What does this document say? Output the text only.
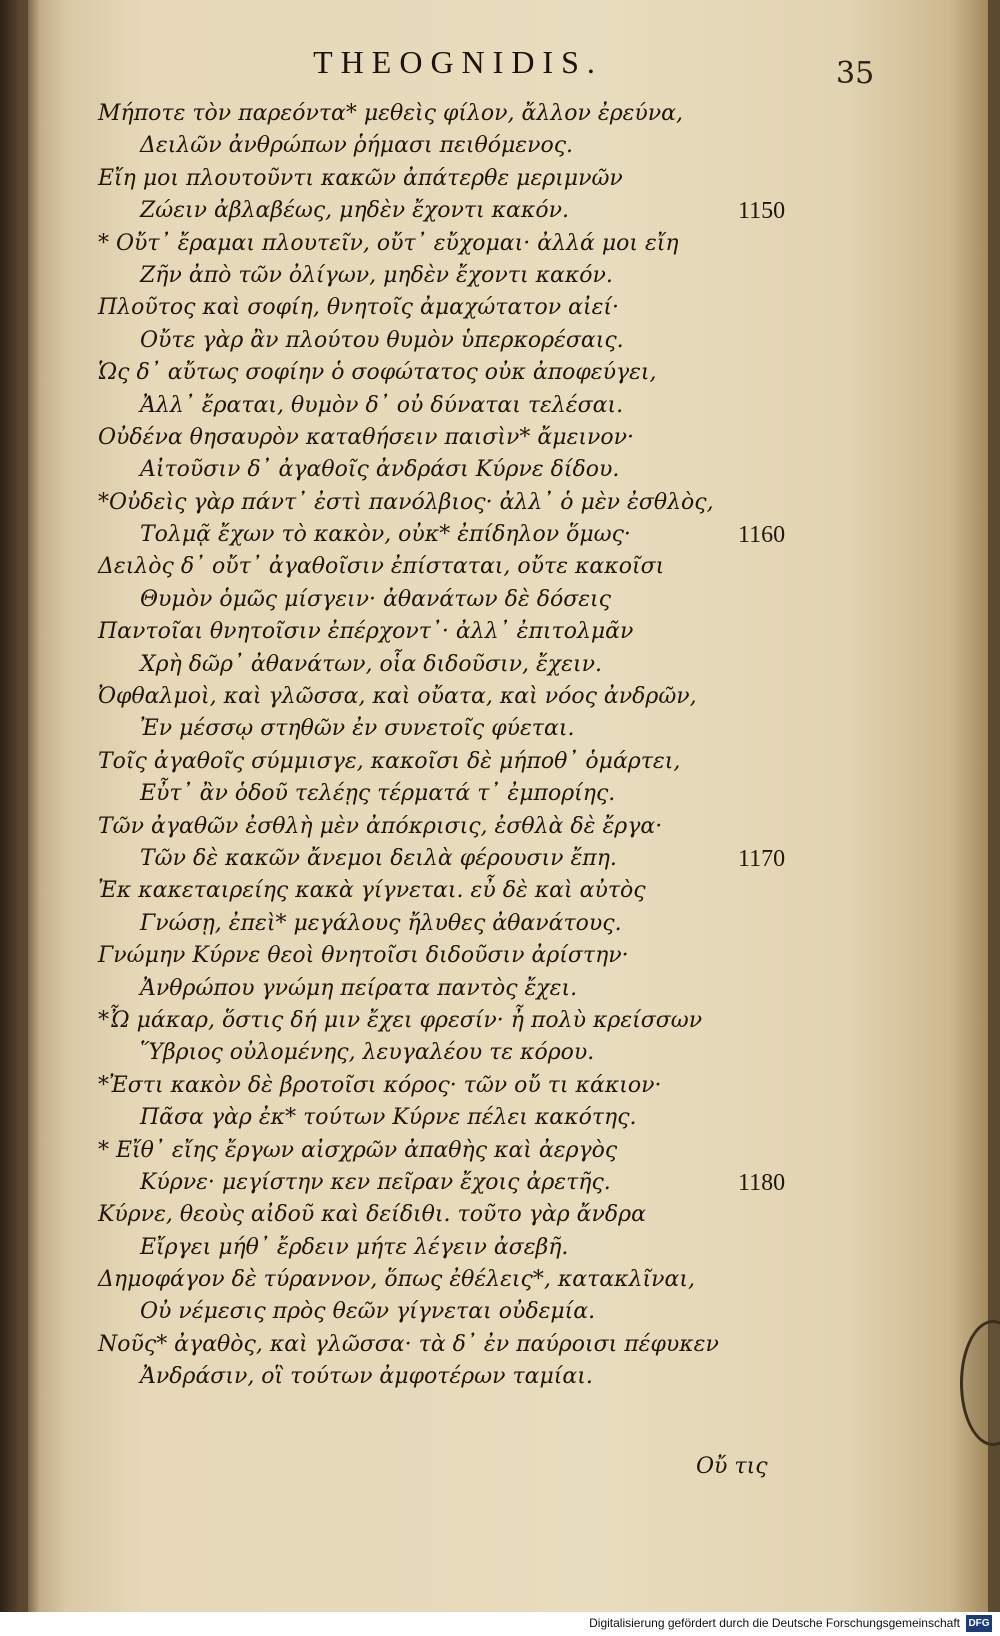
THEOGNIDIS.	35
Μήποτε τὸν παρεόντα* μεθεὶς φίλον, ἄλλον ἐρεύνα,
Δειλῶν ἀνθρώπων ῥήμασι πειθόμενος.
Εἴη μοι πλουτοῦντι κακῶν ἀπάτερθε μεριμνῶν
Ζώειν ἀβλαβέως, μηδὲν ἔχοντι κακόν.	1150
* Οὔτ᾽ ἔραμαι πλουτεῖν, οὔτ᾽ εὔχομαι· ἀλλά μοι εἴη
Ζῆν ἀπὸ τῶν ὀλίγων, μηδὲν ἔχοντι κακόν.
Πλοῦτος καὶ σοφίη, θνητοῖς ἀμαχώτατον αἰεί·
Οὔτε γὰρ ἂν πλούτου θυμὸν ὑπερκορέσαις.
Ὡς δ᾽ αὔτως σοφίην ὁ σοφώτατος οὐκ ἀποφεύγει,
Ἀλλ᾽ ἔραται, θυμὸν δ᾽ οὐ δύναται τελέσαι.
Οὐδένα θησαυρὸν καταθήσειν παισὶν* ἄμεινον·
Αἰτοῦσιν δ᾽ ἀγαθοῖς ἀνδράσι Κύρνε δίδου.
*Οὐδεὶς γὰρ πάντ᾽ ἐστὶ πανόλβιος· ἀλλ᾽ ὁ μὲν ἐσθλὸς,
Τολμᾷ ἔχων τὸ κακὸν, οὐκ* ἐπίδηλον ὅμως·	1160
Δειλὸς δ᾽ οὔτ᾽ ἀγαθοῖσιν ἐπίσταται, οὔτε κακοῖσι
Θυμὸν ὁμῶς μίσγειν· ἀθανάτων δὲ δόσεις
Παντοῖαι θνητοῖσιν ἐπέρχοντ᾽· ἀλλ᾽ ἐπιτολμᾶν
Χρὴ δῶρ᾽ ἀθανάτων, οἷα διδοῦσιν, ἔχειν.
Ὀφθαλμοὶ, καὶ γλῶσσα, καὶ οὔατα, καὶ νόος ἀνδρῶν,
Ἐν μέσσῳ στηθῶν ἐν συνετοῖς φύεται.
Τοῖς ἀγαθοῖς σύμμισγε, κακοῖσι δὲ μήποθ᾽ ὁμάρτει,
Εὖτ᾽ ἂν ὁδοῦ τελέῃς τέρματά τ᾽ ἐμπορίης.
Τῶν ἀγαθῶν ἐσθλὴ μὲν ἀπόκρισις, ἐσθλὰ δὲ ἔργα·
Τῶν δὲ κακῶν ἄνεμοι δειλὰ φέρουσιν ἔπη.	1170
Ἐκ κακεταιρείης κακὰ γίγνεται. εὖ δὲ καὶ αὐτὸς
Γνώσῃ, ἐπεὶ* μεγάλους ἤλυθες ἀθανάτους.
Γνώμην Κύρνε θεοὶ θνητοῖσι διδοῦσιν ἀρίστην·
Ἀνθρώπου γνώμη πείρατα παντὸς ἔχει.
*Ὦ μάκαρ, ὅστις δή μιν ἔχει φρεσίν· ἦ πολὺ κρείσσων
Ὕβριος οὐλομένης, λευγαλέου τε κόρου.
*Ἐστι κακὸν δὲ βροτοῖσι κόρος· τῶν οὔ τι κάκιον·
Πᾶσα γὰρ ἐκ* τούτων Κύρνε πέλει κακότης.
* Εἴθ᾽ εἴης ἔργων αἰσχρῶν ἀπαθὴς καὶ ἀεργὸς
Κύρνε· μεγίστην κεν πεῖραν ἔχοις ἀρετῆς.	1180
Κύρνε, θεοὺς αἰδοῦ καὶ δείδιθι. τοῦτο γὰρ ἄνδρα
Εἴργει μήθ᾽ ἔρδειν μήτε λέγειν ἀσεβῆ.
Δημοφάγον δὲ τύραννον, ὅπως ἐθέλεις*, κατακλῖναι,
Οὐ νέμεσις πρὸς θεῶν γίγνεται οὐδεμία.
Νοῦς* ἀγαθὸς, καὶ γλῶσσα· τὰ δ᾽ ἐν παύροισι πέφυκεν
Ἀνδράσιν, οἳ τούτων ἀμφοτέρων ταμίαι.
Οὔ τις
Digitalisierung gefördert durch die Deutsche Forschungsgemeinschaft DFG
